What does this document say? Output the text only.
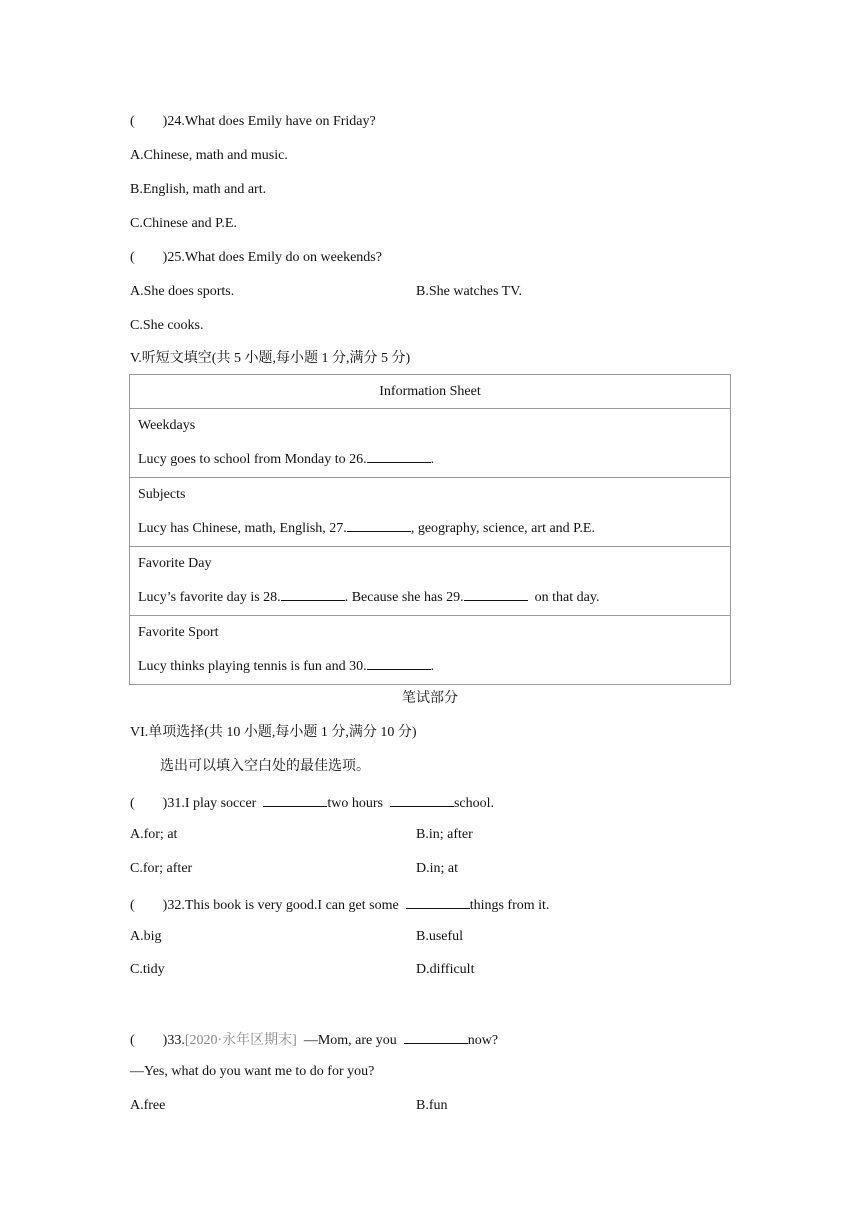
(        )24.What does Emily have on Friday?
A.Chinese, math and music.
B.English, math and art.
C.Chinese and P.E.
(        )25.What does Emily do on weekends?
A.She does sports.	B.She watches TV.
C.She cooks.
V.听短文填空(共 5 小题,每小题 1 分,满分 5 分)
Information Sheet

Weekdays
Lucy goes to school from Monday to 26.	.

Subjects
Lucy has Chinese, math, English, 27.	, geography, science, art and P.E.

Favorite Day
Lucy’s favorite day is 28.	. Because she has 29.	on that day.

Favorite Sport
Lucy thinks playing tennis is fun and 30.	.
笔试部分
VI.单项选择(共 10 小题,每小题 1 分,满分 10 分)
选出可以填入空白处的最佳选项。
(        )31.I play soccer	two hours	school.
A.for; at	B.in; after
C.for; after	D.in; at
(        )32.This book is very good.I can get some	things from it.
A.big	B.useful
C.tidy	D.difficult
(        )33.[2020·永年区期末]  —Mom, are you	now?
—Yes, what do you want me to do for you?
A.free	B.fun
